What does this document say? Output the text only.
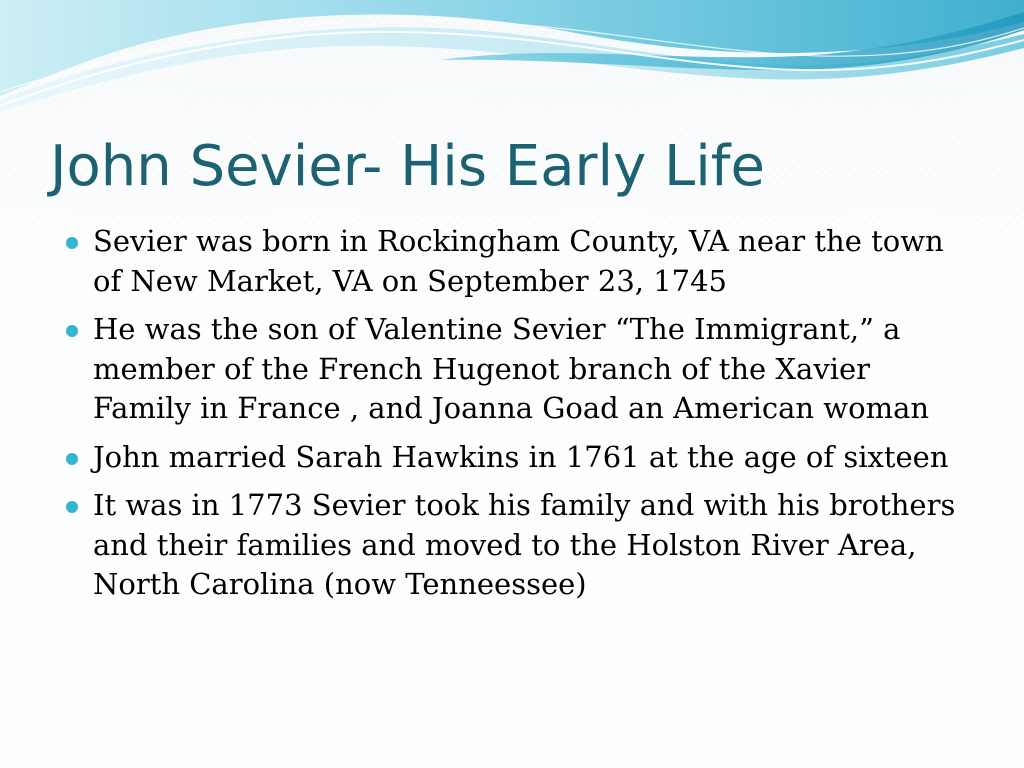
John Sevier- His Early Life
Sevier was born in Rockingham County, VA near the town of New Market, VA on September 23, 1745
He was the son of Valentine Sevier “The Immigrant,” a member of the French Hugenot branch of the Xavier Family in France , and Joanna Goad an American woman
John married Sarah Hawkins in 1761 at the age of sixteen
It was in 1773 Sevier took his family and with his brothers and their families and moved to the Holston River Area, North Carolina (now Tenneessee)
